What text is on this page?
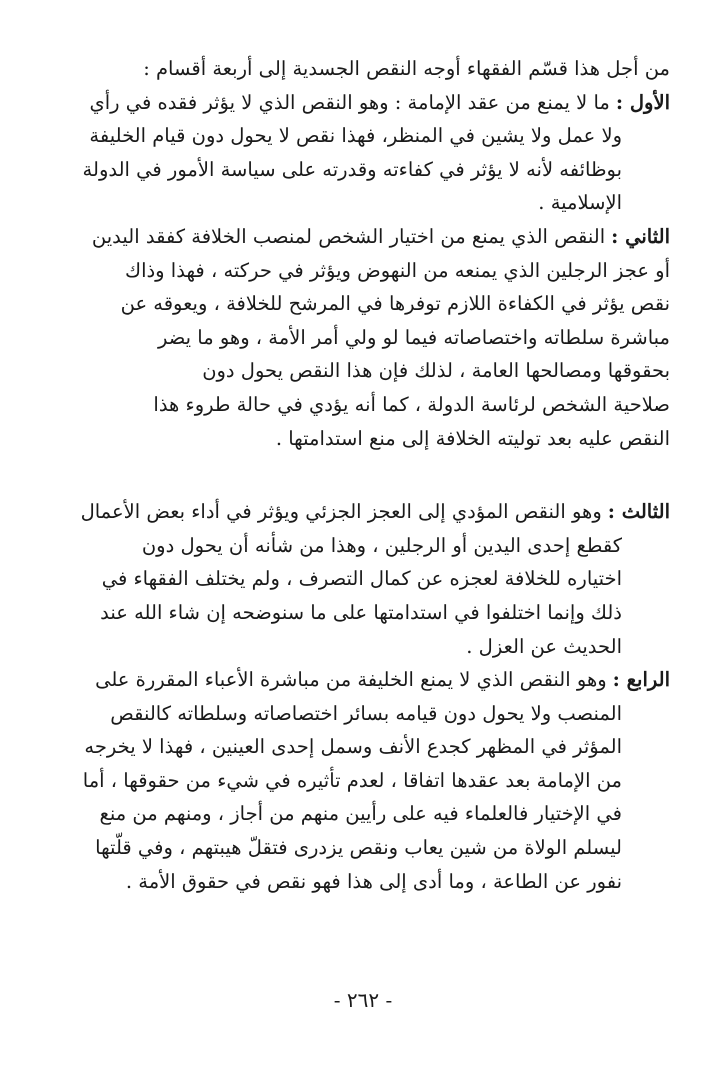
من أجل هذا قسّم الفقهاء أوجه النقص الجسدية إلى أربعة أقسام :
الأول :
ما لا يمنع من عقد الإمامة : وهو النقص الذي لا يؤثر فقده في رأي
ولا عمل ولا يشين في المنظر، فهذا نقص لا يحول دون قيام الخليفة
بوظائفه لأنه لا يؤثر في كفاءته وقدرته على سياسة الأمور في الدولة
الإسلامية .
الثاني :
النقص الذي يمنع من اختيار الشخص لمنصب الخلافة كفقد اليدين
أو عجز الرجلين الذي يمنعه من النهوض ويؤثر في حركته ، فهذا وذاك
نقص يؤثر في الكفاءة اللازم توفرها في المرشح للخلافة ، ويعوقه عن
مباشرة سلطاته واختصاصاته فيما لو ولي أمر الأمة ، وهو ما يضر
بحقوقها ومصالحها العامة ، لذلك فإن هذا النقص يحول دون
صلاحية الشخص لرئاسة الدولة ، كما أنه يؤدي في حالة طروء هذا
النقص عليه بعد توليته الخلافة إلى منع استدامتها .
الثالث :
وهو النقص المؤدي إلى العجز الجزئي ويؤثر في أداء بعض الأعمال
كقطع إحدى اليدين أو الرجلين ، وهذا من شأنه أن يحول دون
اختياره للخلافة لعجزه عن كمال التصرف ، ولم يختلف الفقهاء في
ذلك وإنما اختلفوا في استدامتها على ما سنوضحه إن شاء الله عند
الحديث عن العزل .
الرابع :
وهو النقص الذي لا يمنع الخليفة من مباشرة الأعباء المقررة على
المنصب ولا يحول دون قيامه بسائر اختصاصاته وسلطاته كالنقص
المؤثر في المظهر كجدع الأنف وسمل إحدى العينين ، فهذا لا يخرجه
من الإمامة بعد عقدها اتفاقا ، لعدم تأثيره في شيء من حقوقها ، أما
في الإختيار فالعلماء فيه على رأيين منهم من أجاز ، ومنهم من منع
ليسلم الولاة من شين يعاب ونقص يزدرى فتقلّ هيبتهم ، وفي قلّتها
نفور عن الطاعة ، وما أدى إلى هذا فهو نقص في حقوق الأمة .
- ٢٦٢ -
